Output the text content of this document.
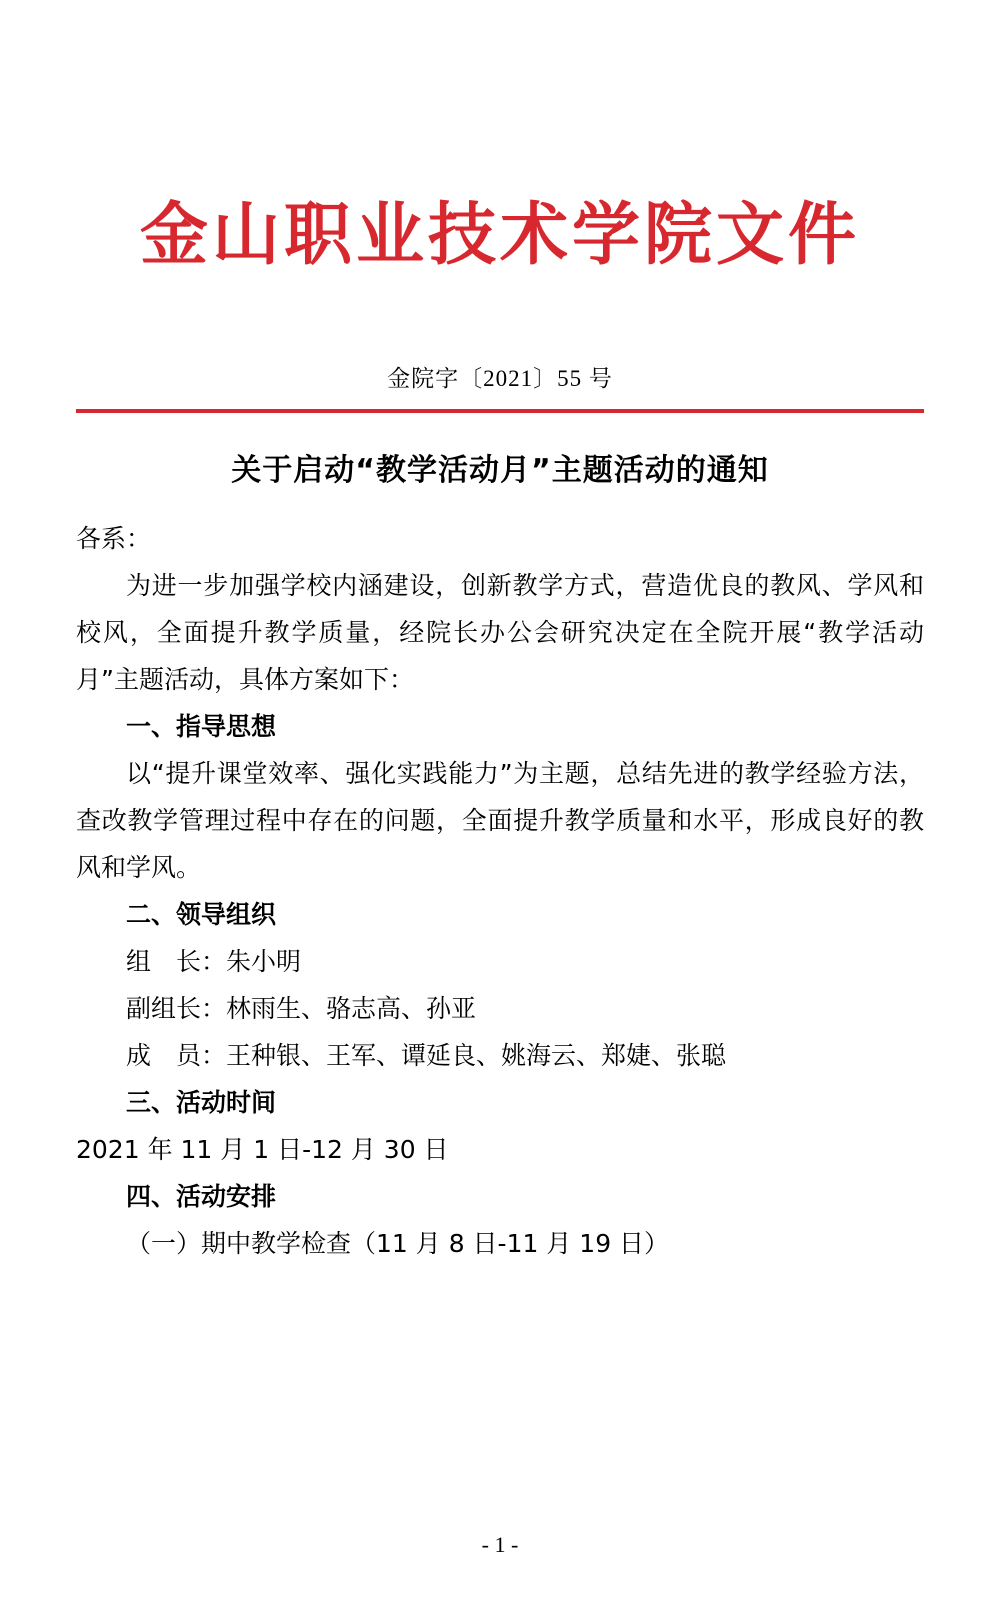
金山职业技术学院文件
金院字〔2021〕55 号
关于启动“教学活动月”主题活动的通知

各系：

为进一步加强学校内涵建设，创新教学方式，营造优良的教风、学风和校风，全面提升教学质量，经院长办公会研究决定在全院开展“教学活动月”主题活动，具体方案如下：

一、指导思想

以“提升课堂效率、强化实践能力”为主题，总结先进的教学经验方法，查改教学管理过程中存在的问题，全面提升教学质量和水平，形成良好的教风和学风。

二、领导组织

组　长：朱小明

副组长：林雨生、骆志高、孙亚

成　员：王种银、王军、谭延良、姚海云、郑婕、张聪

三、活动时间

2021 年 11 月 1 日-12 月 30 日

四、活动安排

（一）期中教学检查（11 月 8 日-11 月 19 日）

- 1 -
